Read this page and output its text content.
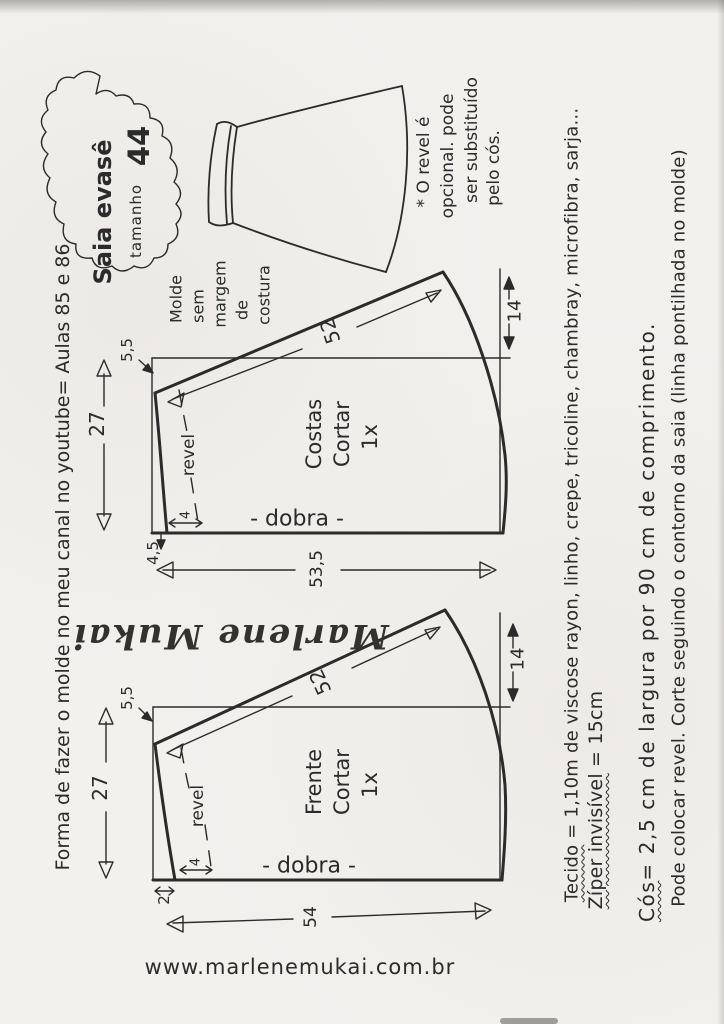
Saia evasê tamanho
44
Forma de fazer o molde no meu canal no youtube= Aulas 85 e 86	Molde sem margem de costura
* O revel é opcional. pode ser substituído pelo cós.
Costas Cortar 1x
- dobra -
revel
27
53,5
52
14
5,5
4
4,5
Frente Cortar 1x
- dobra -
revel
27
54
52
14
5,5
4
2
Marlene Mukai
Tecido = 1,10m de viscose rayon, linho, crepe, tricoline, chambray, microfibra, sarja... Zíper invisível = 15cm
Cós= 2,5 cm de largura por 90 cm de comprimento. Pode colocar revel. Corte seguindo o contorno da saia (linha pontilhada no molde)
www.marlenemukai.com.br
